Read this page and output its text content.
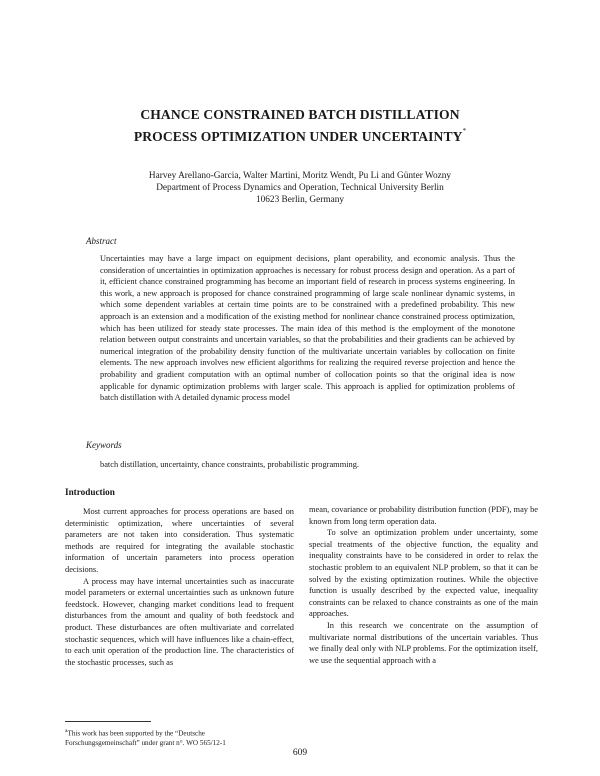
CHANCE CONSTRAINED BATCH DISTILLATION
PROCESS OPTIMIZATION UNDER UNCERTAINTY*
Harvey Arellano-Garcia, Walter Martini, Moritz Wendt, Pu Li and Günter Wozny
Department of Process Dynamics and Operation, Technical University Berlin
10623 Berlin, Germany
Abstract
Uncertainties may have a large impact on equipment decisions, plant operability, and economic analysis. Thus the consideration of uncertainties in optimization approaches is necessary for robust process design and operation. As a part of it, efficient chance constrained programming has become an important field of research in process systems engineering. In this work, a new approach is proposed for chance constrained programming of large scale nonlinear dynamic systems, in which some dependent variables at certain time points are to be constrained with a predefined probability. This new approach is an extension and a modification of the existing method for nonlinear chance constrained process optimization, which has been utilized for steady state processes. The main idea of this method is the employment of the monotone relation between output constraints and uncertain variables, so that the probabilities and their gradients can be achieved by numerical integration of the probability density function of the multivariate uncertain variables by collocation on finite elements. The new approach involves new efficient algorithms for realizing the required reverse projection and hence the probability and gradient computation with an optimal number of collocation points so that the original idea is now applicable for dynamic optimization problems with larger scale. This approach is applied for optimization problems of batch distillation with A detailed dynamic process model
Keywords
batch distillation, uncertainty, chance constraints, probabilistic programming.
Introduction

Most current approaches for process operations are based on deterministic optimization, where uncertainties of several parameters are not taken into consideration. Thus systematic methods are required for integrating the available stochastic information of uncertain parameters into process operation decisions.

A process may have internal uncertainties such as inaccurate model parameters or external uncertainties such as unknown future feedstock. However, changing market conditions lead to frequent disturbances from the amount and quality of both feedstock and product. These disturbances are often multivariate and correlated stochastic sequences, which will have influences like a chain-effect, to each unit operation of the production line. The characteristics of the stochastic processes, such as

mean, covariance or probability distribution function (PDF), may be known from long term operation data.

To solve an optimization problem under uncertainty, some special treatments of the objective function, the equality and inequality constraints have to be considered in order to relax the stochastic problem to an equivalent NLP problem, so that it can be solved by the existing optimization routines. While the objective function is usually described by the expected value, inequality constraints can be relaxed to chance constraints as one of the main approaches.

In this research we concentrate on the assumption of multivariate normal distributions of the uncertain variables. Thus we finally deal only with NLP problems. For the optimization itself, we use the sequential approach with a

$^a$This work has been supported by the “Deutsche
Forschungsgemeinschaft” under grant n°. WO 565/12-1
609
